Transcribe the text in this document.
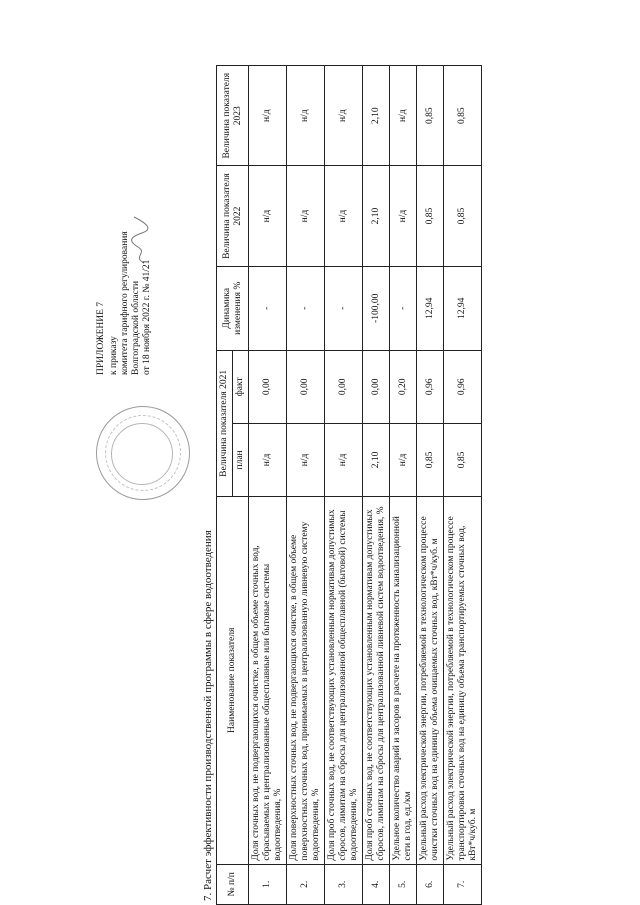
ПРИЛОЖЕНИЕ 7 к приказу комитета тарифного регулирования Волгоградской области от 18 ноября 2022 г. № 41/21
7. Расчет эффективности производственной программы в сфере водоотведения № п/п	Наименование показателя	Величина показателя 2021		Динамика изменения %	Величина показателя 2022	Величина показателя 2023
		план	факт			
1.	Доля сточных вод, не подвергающихся очистке, в общем объеме сточных вод, сбрасываемых в централизованные общесплавные или бытовые системы водоотведения, %	н/д	0,00	-	н/д	н/д
2.	Доля поверхностных сточных вод, не подвергающихся очистке, в общем объеме поверхностных сточных вод, принимаемых в централизованную ливневую систему водоотведения, %	н/д	0,00	-	н/д	н/д
3.	Доля проб сточных вод, не соответствующих установленным нормативам допустимых сбросов, лимитам на сбросы для централизованной общесплавной (бытовой) системы водоотведения, %	н/д	0,00	-	н/д	н/д
4.	Доля проб сточных вод, не соответствующих установленным нормативам допустимых сбросов, лимитам на сбросы для централизованной ливневой систем водоотведения, %	2,10	0,00	-100,00	2,10	2,10
5.	Удельное количество аварий и засоров в расчете на протяженность канализационной сети в год, ед./км	н/д	0,20	-	н/д	н/д
6.	Удельный расход электрической энергии, потребляемой в технологическом процессе очистки сточных вод на единицу объема очищаемых сточных вод, кВт*ч/куб. м	0,85	0,96	12,94	0,85	0,85
7.	Удельный расход электрической энергии, потребляемой в технологическом процессе транспортировки сточных вод на единицу объема транспортируемых сточных вод, кВт*ч/куб. м	0,85	0,96	12,94	0,85	0,85
